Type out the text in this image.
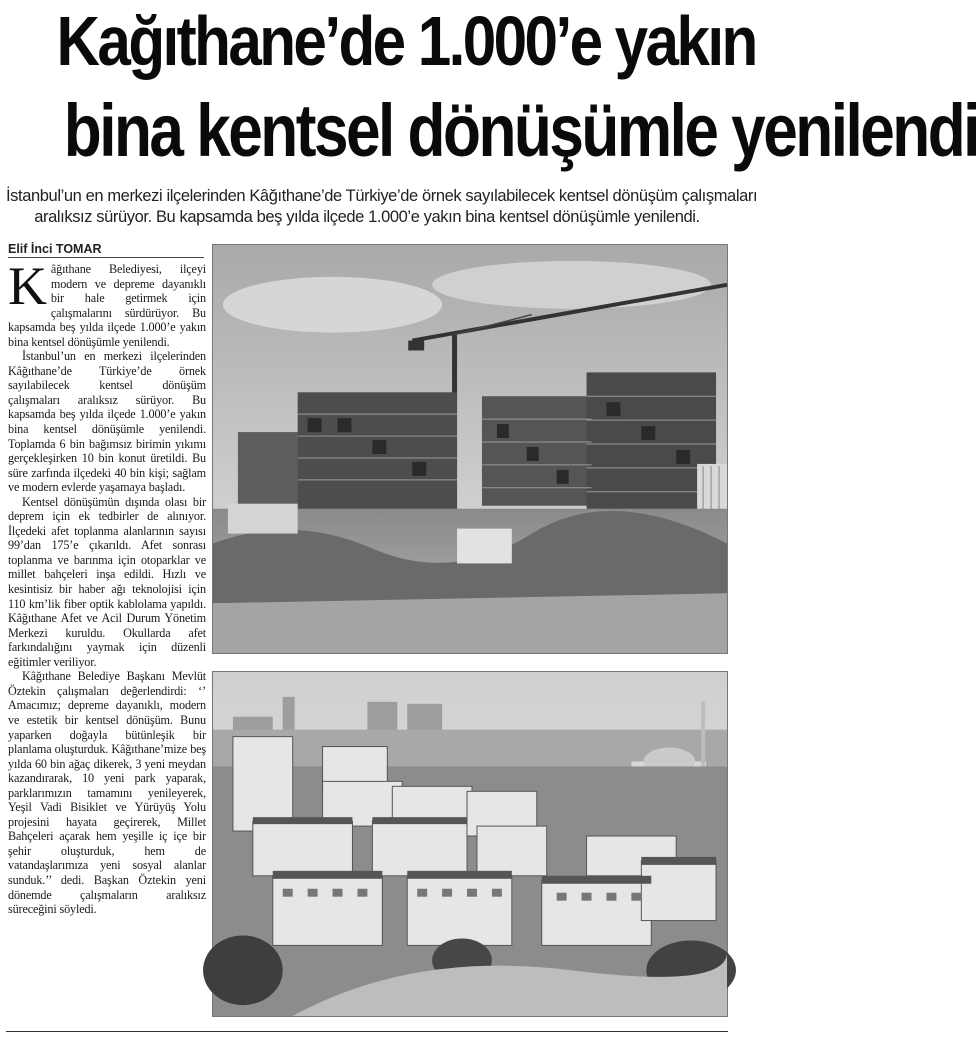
Kağıthane’de 1.000’e yakın
bina kentsel dönüşümle yenilendi
İstanbul’un en merkezi ilçelerinden Kâğıthane’de Türkiye’de örnek sayılabilecek kentsel dönüşüm çalışmaları
aralıksız sürüyor. Bu kapsamda beş yılda ilçede 1.000’e yakın bina kentsel dönüşümle yenilendi.
Elif İnci TOMAR

Kâğıthane Belediyesi, ilçeyi modern ve depreme dayanıklı bir hale getirmek için çalışmalarını sürdürüyor. Bu kapsamda beş yılda ilçede 1.000’e yakın bina kentsel dönüşümle yenilendi.

İstanbul’un en merkezi ilçelerinden Kâğıthane’de Türkiye’de örnek sayılabilecek kentsel dönüşüm çalışmaları aralıksız sürüyor. Bu kapsamda beş yılda ilçede 1.000’e yakın bina kentsel dönüşümle yenilendi. Toplamda 6 bin bağımsız birimin yıkımı gerçekleşirken 10 bin konut üretildi. Bu süre zarfında ilçedeki 40 bin kişi; sağlam ve modern evlerde yaşamaya başladı.

Kentsel dönüşümün dışında olası bir deprem için ek tedbirler de alınıyor. İlçedeki afet toplanma alanlarının sayısı 99’dan 175’e çıkarıldı. Afet sonrası toplanma ve barınma için otoparklar ve millet bahçeleri inşa edildi. Hızlı ve kesintisiz bir haber ağı teknolojisi için 110 km’lik fiber optik kablolama yapıldı. Kâğıthane Afet ve Acil Durum Yönetim Merkezi kuruldu. Okullarda afet farkındalığını yaymak için düzenli eğitimler veriliyor.

Kâğıthane Belediye Başkanı Mevlüt Öztekin çalışmaları değerlendirdi: ‘’ Amacımız; depreme dayanıklı, modern ve estetik bir kentsel dönüşüm. Bunu yaparken doğayla bütünleşik bir planlama oluşturduk. Kâğıthane’mize beş yılda 60 bin ağaç dikerek, 3 yeni meydan kazandırarak, 10 yeni park yaparak, parklarımızın tamamını yenileyerek, Yeşil Vadi Bisiklet ve Yürüyüş Yolu projesini hayata geçirerek, Millet Bahçeleri açarak hem yeşille iç içe bir şehir oluşturduk, hem de vatandaşlarımıza yeni sosyal alanlar sunduk.’’ dedi. Başkan Öztekin yeni dönemde çalışmaların aralıksız süreceğini söyledi.
